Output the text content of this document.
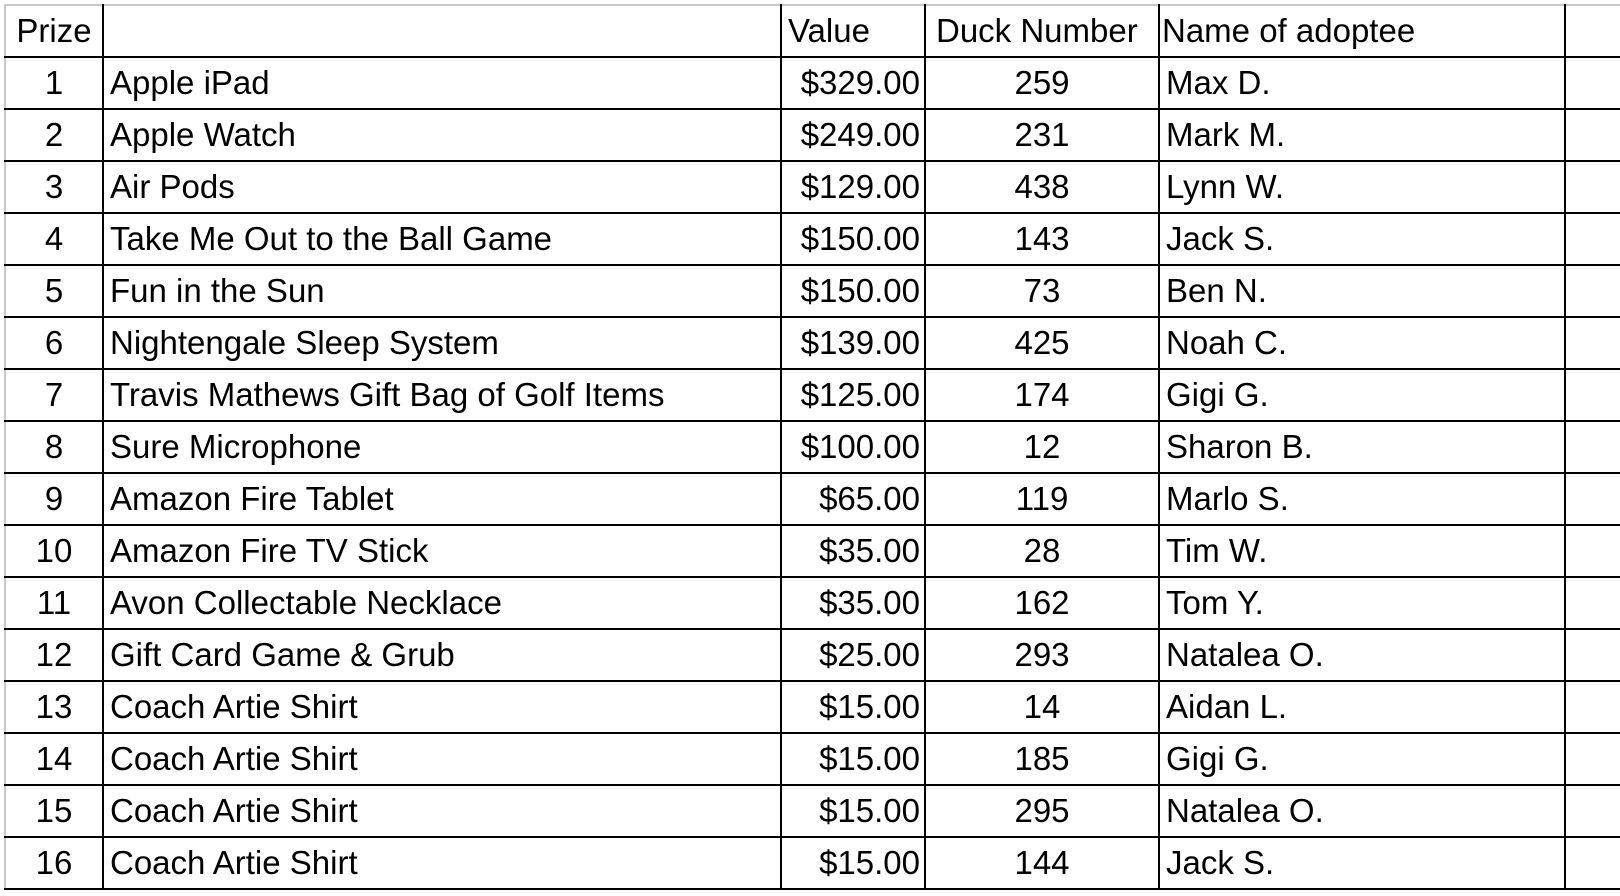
Prize		Value	Duck Number	Name of adoptee	
1	Apple iPad	$329.00	259	Max D.	
2	Apple Watch	$249.00	231	Mark M.	
3	Air Pods	$129.00	438	Lynn W.	
4	Take Me Out to the Ball Game	$150.00	143	Jack S.	
5	Fun in the Sun	$150.00	73	Ben N.	
6	Nightengale Sleep System	$139.00	425	Noah C.	
7	Travis Mathews Gift Bag of Golf Items	$125.00	174	Gigi G.	
8	Sure Microphone	$100.00	12	Sharon B.	
9	Amazon Fire Tablet	$65.00	119	Marlo S.	
10	Amazon Fire TV Stick	$35.00	28	Tim W.	
11	Avon Collectable Necklace	$35.00	162	Tom Y.	
12	Gift Card Game & Grub	$25.00	293	Natalea O.	
13	Coach Artie Shirt	$15.00	14	Aidan L.	
14	Coach Artie Shirt	$15.00	185	Gigi G.	
15	Coach Artie Shirt	$15.00	295	Natalea O.	
16	Coach Artie Shirt	$15.00	144	Jack S.	
